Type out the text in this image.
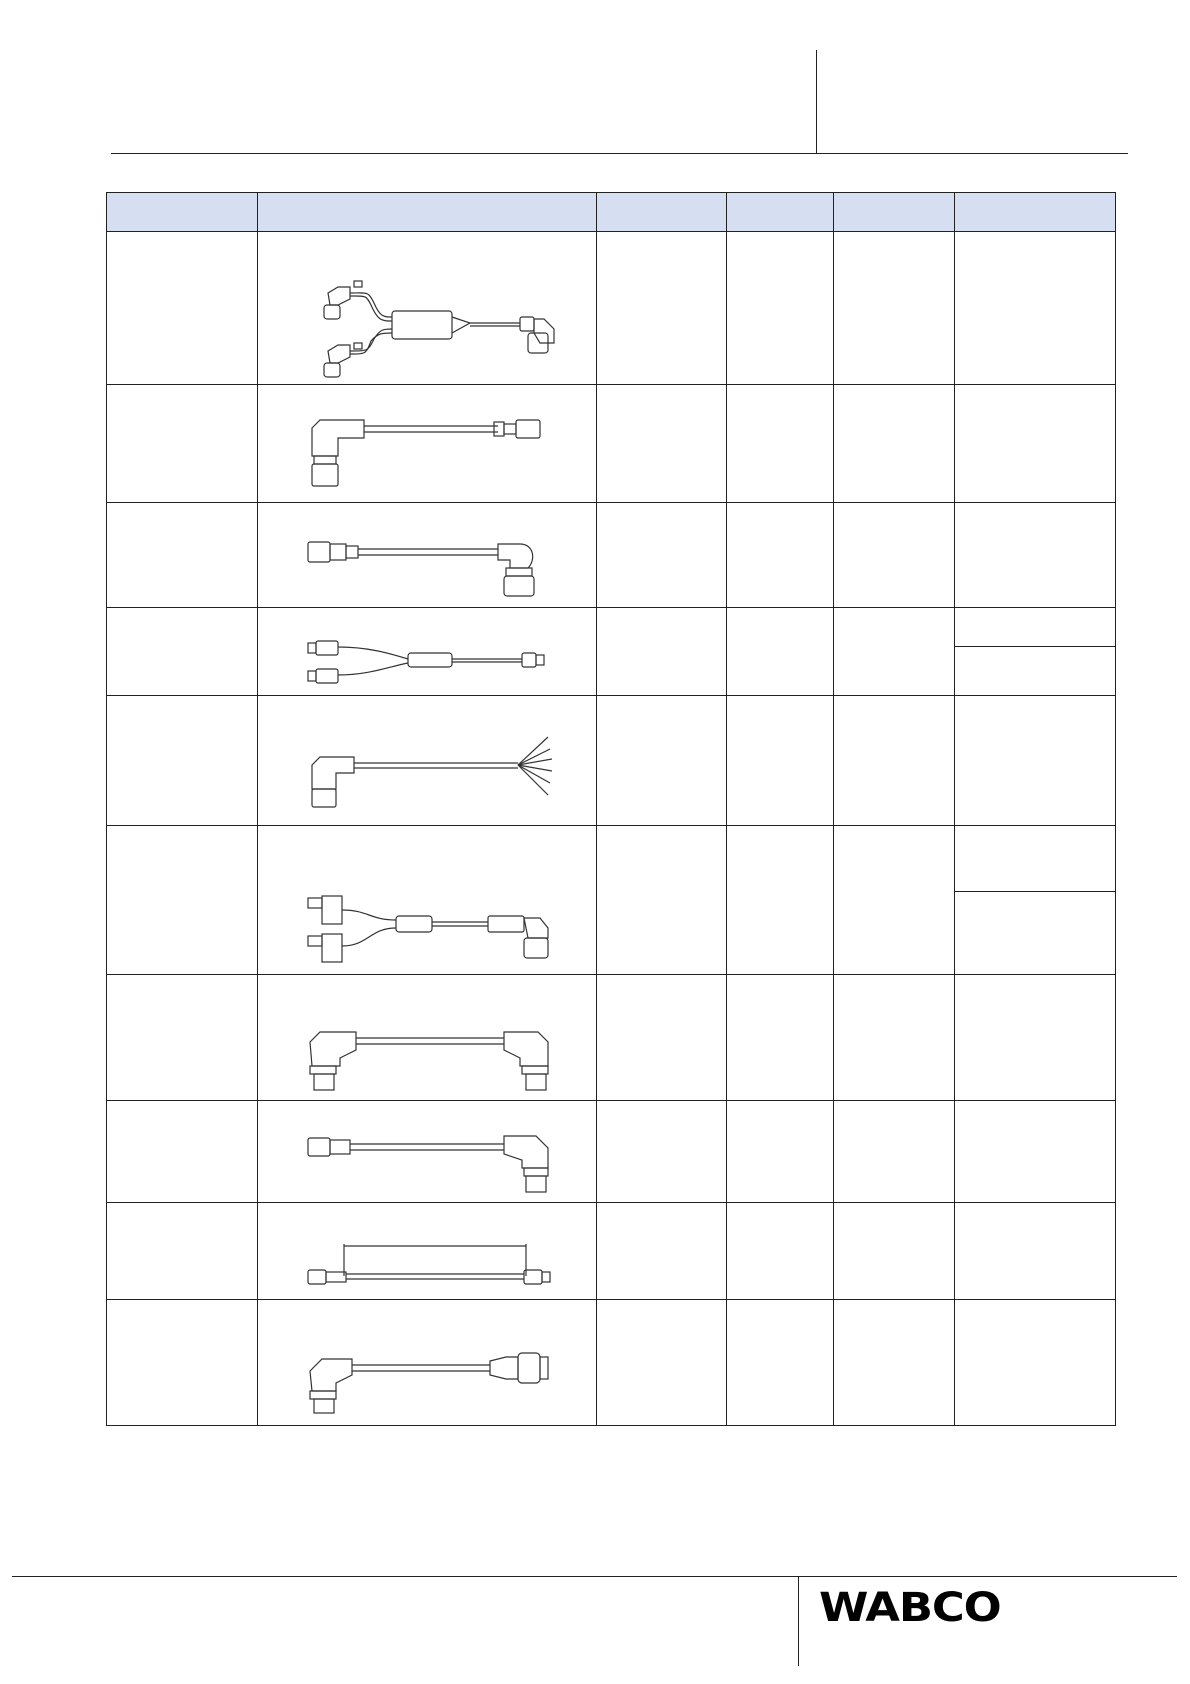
WABCO
